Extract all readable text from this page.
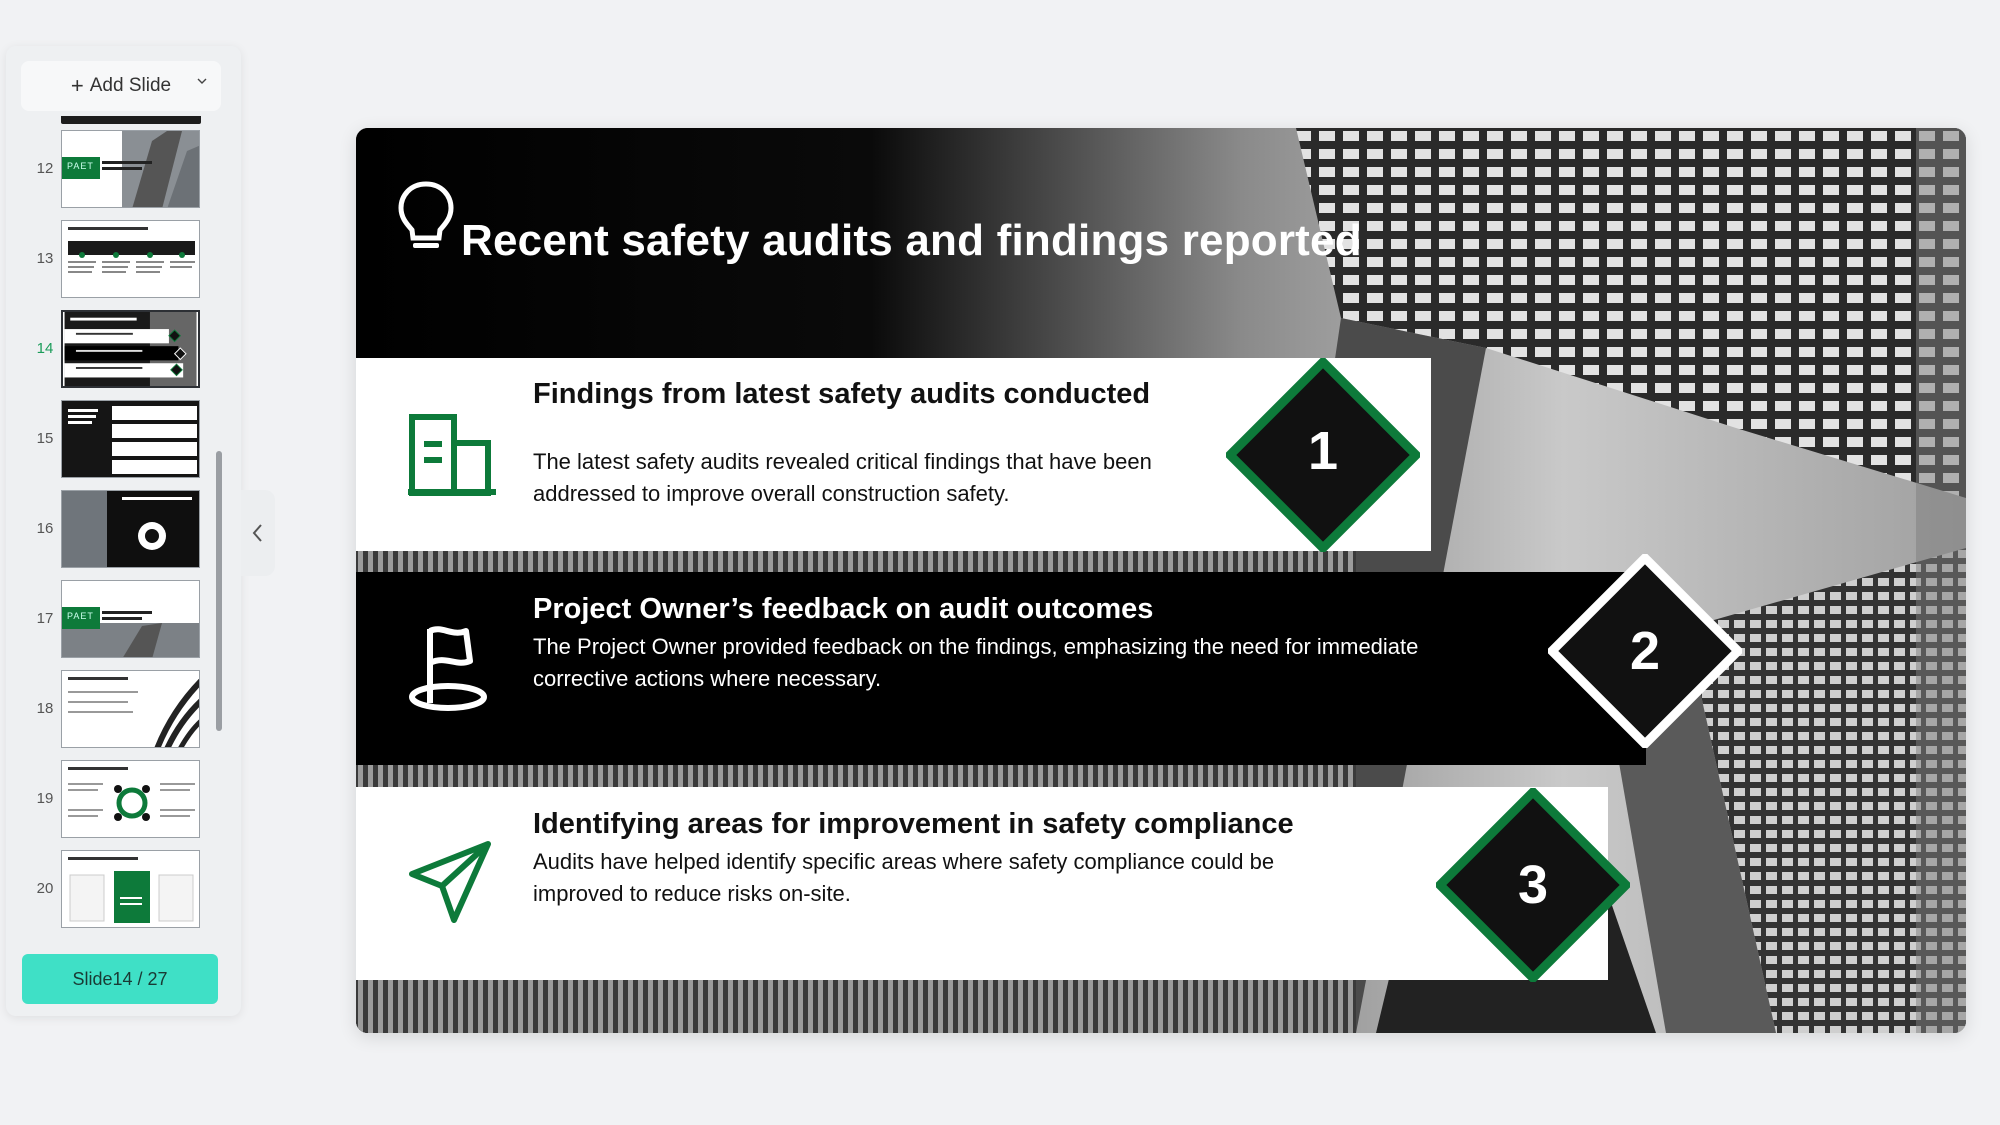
+ Add Slide
12	PAET
13
14
15
16
17	PAET
18
19
20
Slide14 / 27
Recent safety audits and findings reported
Findings from latest safety audits conducted
The latest safety audits revealed critical findings that have been addressed to improve overall construction safety.
1
Project Owner’s feedback on audit outcomes
The Project Owner provided feedback on the findings, emphasizing the need for immediate corrective actions where necessary.	2
Identifying areas for improvement in safety compliance
Audits have helped identify specific areas where safety compliance could be improved to reduce risks on-site.	3
